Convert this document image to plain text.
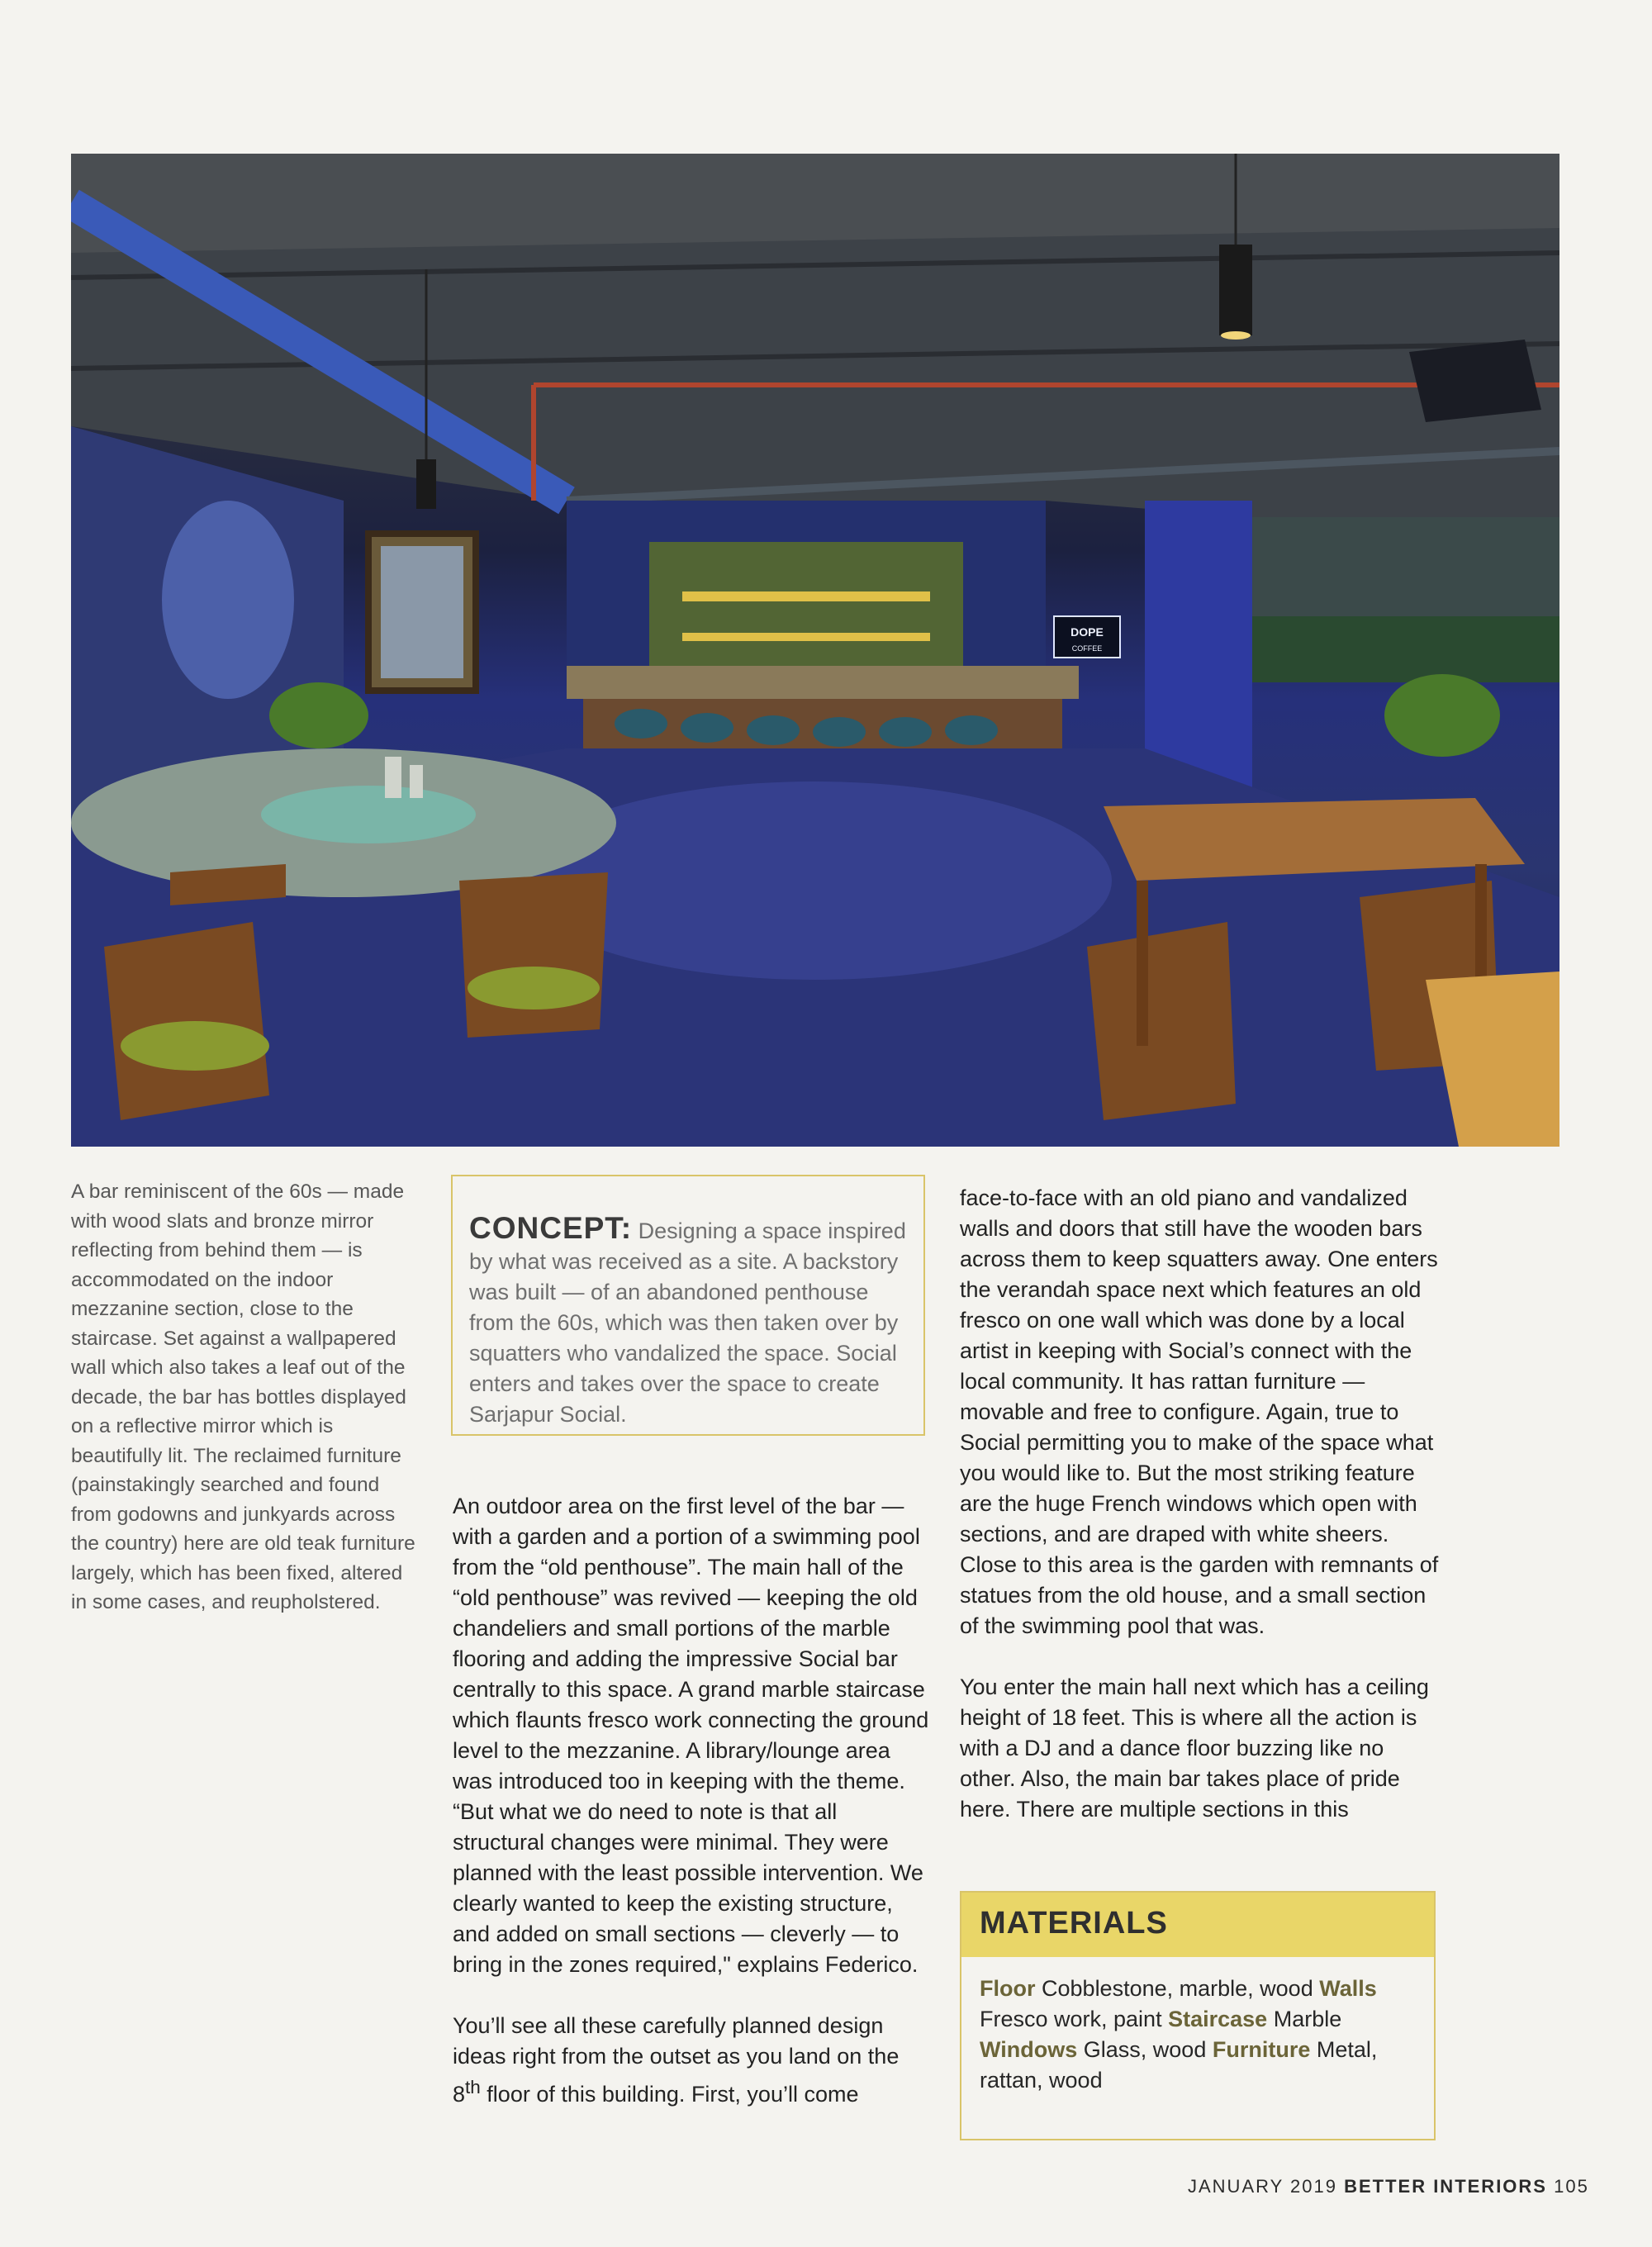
DOPE
COFFEE
A bar reminiscent of the 60s — made with wood slats and bronze mirror reflecting from behind them — is accommodated on the indoor mezzanine section, close to the staircase. Set against a wallpapered wall which also takes a leaf out of the decade, the bar has bottles displayed on a reflective mirror which is beautifully lit. The reclaimed furniture (painstakingly searched and found from godowns and junkyards across the country) here are old teak furniture largely, which has been fixed, altered in some cases, and reupholstered.
CONCEPT: Designing a space inspired by what was received as a site. A backstory was built — of an abandoned penthouse from the 60s, which was then taken over by squatters who vandalized the space. Social enters and takes over the space to create Sarjapur Social.

An outdoor area on the first level of the bar — with a garden and a portion of a swimming pool from the “old penthouse”. The main hall of the “old penthouse” was revived — keeping the old chandeliers and small portions of the marble flooring and adding the impressive Social bar centrally to this space. A grand marble staircase which flaunts fresco work connecting the ground level to the mezzanine. A library/lounge area was introduced too in keeping with the theme. “But what we do need to note is that all structural changes were minimal. They were planned with the least possible intervention. We clearly wanted to keep the existing structure, and added on small sections — cleverly — to bring in the zones required," explains Federico.

You’ll see all these carefully planned design ideas right from the outset as you land on the 8th floor of this building. First, you’ll come

face-to-face with an old piano and vandalized walls and doors that still have the wooden bars across them to keep squatters away. One enters the verandah space next which features an old fresco on one wall which was done by a local artist in keeping with Social’s connect with the local community. It has rattan furniture — movable and free to configure. Again, true to Social permitting you to make of the space what you would like to. But the most striking feature are the huge French windows which open with sections, and are draped with white sheers. Close to this area is the garden with remnants of statues from the old house, and a small section of the swimming pool that was.

You enter the main hall next which has a ceiling height of 18 feet. This is where all the action is with a DJ and a dance floor buzzing like no other. Also, the main bar takes place of pride here. There are multiple sections in this

MATERIALS
Floor Cobblestone, marble, wood Walls Fresco work, paint Staircase Marble Windows Glass, wood Furniture Metal, rattan, wood
JANUARY 2019 BETTER INTERIORS 105
